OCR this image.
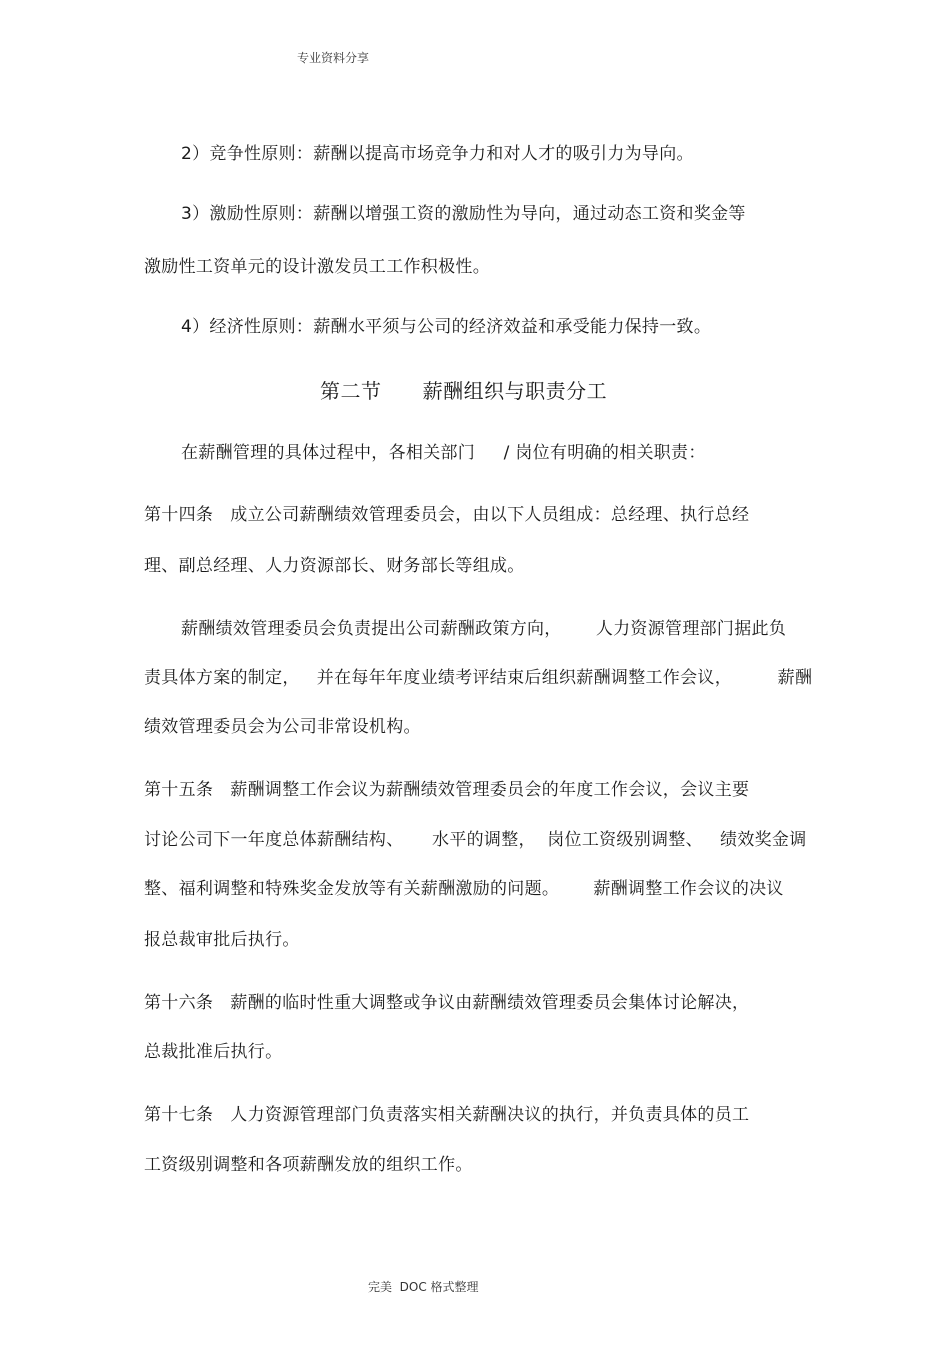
专业资料分享
2）竞争性原则：薪酬以提高市场竞争力和对人才的吸引力为导向。
3）激励性原则：薪酬以增强工资的激励性为导向，通过动态工资和奖金等
激励性工资单元的设计激发员工工作积极性。
4）经济性原则：薪酬水平须与公司的经济效益和承受能力保持一致。
第二节      薪酬组织与职责分工
在薪酬管理的具体过程中，各相关部门     / 岗位有明确的相关职责：
第十四条   成立公司薪酬绩效管理委员会，由以下人员组成：总经理、执行总经
理、副总经理、人力资源部长、财务部长等组成。
薪酬绩效管理委员会负责提出公司薪酬政策方向，      人力资源管理部门据此负
责具体方案的制定，   并在每年年度业绩考评结束后组织薪酬调整工作会议，        薪酬
绩效管理委员会为公司非常设机构。
第十五条   薪酬调整工作会议为薪酬绩效管理委员会的年度工作会议，会议主要
讨论公司下一年度总体薪酬结构、     水平的调整，  岗位工资级别调整、   绩效奖金调
整、福利调整和特殊奖金发放等有关薪酬激励的问题。      薪酬调整工作会议的决议
报总裁审批后执行。
第十六条   薪酬的临时性重大调整或争议由薪酬绩效管理委员会集体讨论解决，
总裁批准后执行。
第十七条   人力资源管理部门负责落实相关薪酬决议的执行，并负责具体的员工
工资级别调整和各项薪酬发放的组织工作。
完美  DOC 格式整理
